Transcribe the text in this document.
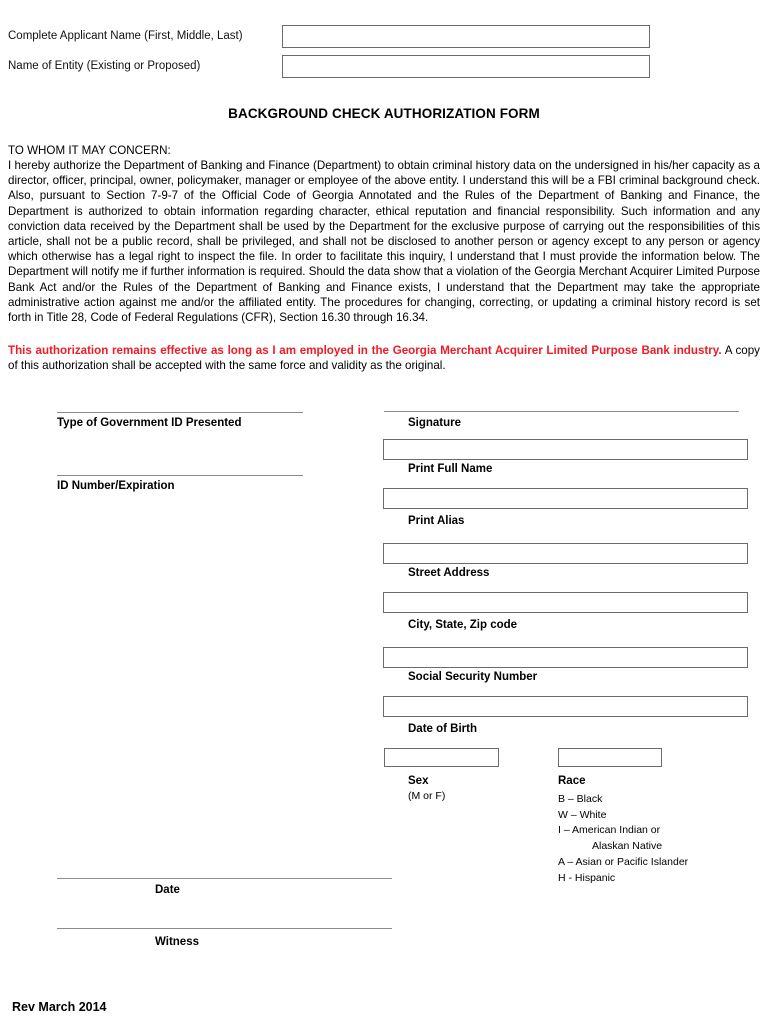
Complete Applicant Name (First, Middle, Last)
Name of Entity (Existing or Proposed)
BACKGROUND CHECK AUTHORIZATION FORM
TO WHOM IT MAY CONCERN:
I hereby authorize the Department of Banking and Finance (Department) to obtain criminal history data on the undersigned in his/her capacity as a director, officer, principal, owner, policymaker, manager or employee of the above entity. I understand this will be a FBI criminal background check. Also, pursuant to Section 7-9-7 of the Official Code of Georgia Annotated and the Rules of the Department of Banking and Finance, the Department is authorized to obtain information regarding character, ethical reputation and financial responsibility. Such information and any conviction data received by the Department shall be used by the Department for the exclusive purpose of carrying out the responsibilities of this article, shall not be a public record, shall be privileged, and shall not be disclosed to another person or agency except to any person or agency which otherwise has a legal right to inspect the file. In order to facilitate this inquiry, I understand that I must provide the information below. The Department will notify me if further information is required. Should the data show that a violation of the Georgia Merchant Acquirer Limited Purpose Bank Act and/or the Rules of the Department of Banking and Finance exists, I understand that the Department may take the appropriate administrative action against me and/or the affiliated entity. The procedures for changing, correcting, or updating a criminal history record is set forth in Title 28, Code of Federal Regulations (CFR), Section 16.30 through 16.34.
This authorization remains effective as long as I am employed in the Georgia Merchant Acquirer Limited Purpose Bank industry. A copy of this authorization shall be accepted with the same force and validity as the original.
Type of Government ID Presented
ID Number/Expiration
Signature
Print Full Name
Print Alias
Street Address
City, State, Zip code
Social Security Number
Date of Birth
Sex
(M or F)
Race
B – Black
W – White
I – American Indian or
Alaskan Native
A – Asian or Pacific Islander
H - Hispanic
Date
Witness
Rev March 2014
